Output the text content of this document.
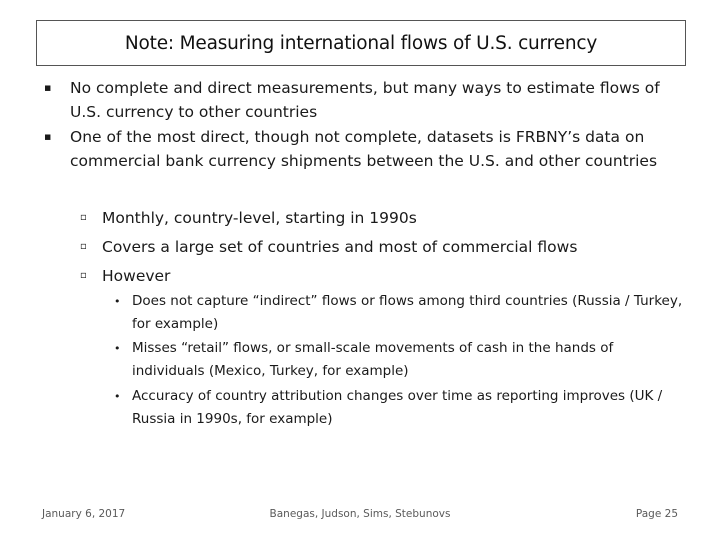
Note: Measuring international flows of U.S. currency
▪ No complete and direct measurements, but many ways to estimate flows of U.S. currency to other countries
▪ One of the most direct, though not complete, datasets is FRBNY’s data on commercial bank currency shipments between the U.S. and other countries
▫ Monthly, country-level, starting in 1990s
▫ Covers a large set of countries and most of commercial flows
▫ However
• Does not capture “indirect” flows or flows among third countries (Russia / Turkey, for example)
• Misses “retail” flows, or small-scale movements of cash in the hands of individuals (Mexico, Turkey, for example)
• Accuracy of country attribution changes over time as reporting improves (UK / Russia in 1990s, for example)
January 6, 2017	Banegas, Judson, Sims, Stebunovs	Page 25
